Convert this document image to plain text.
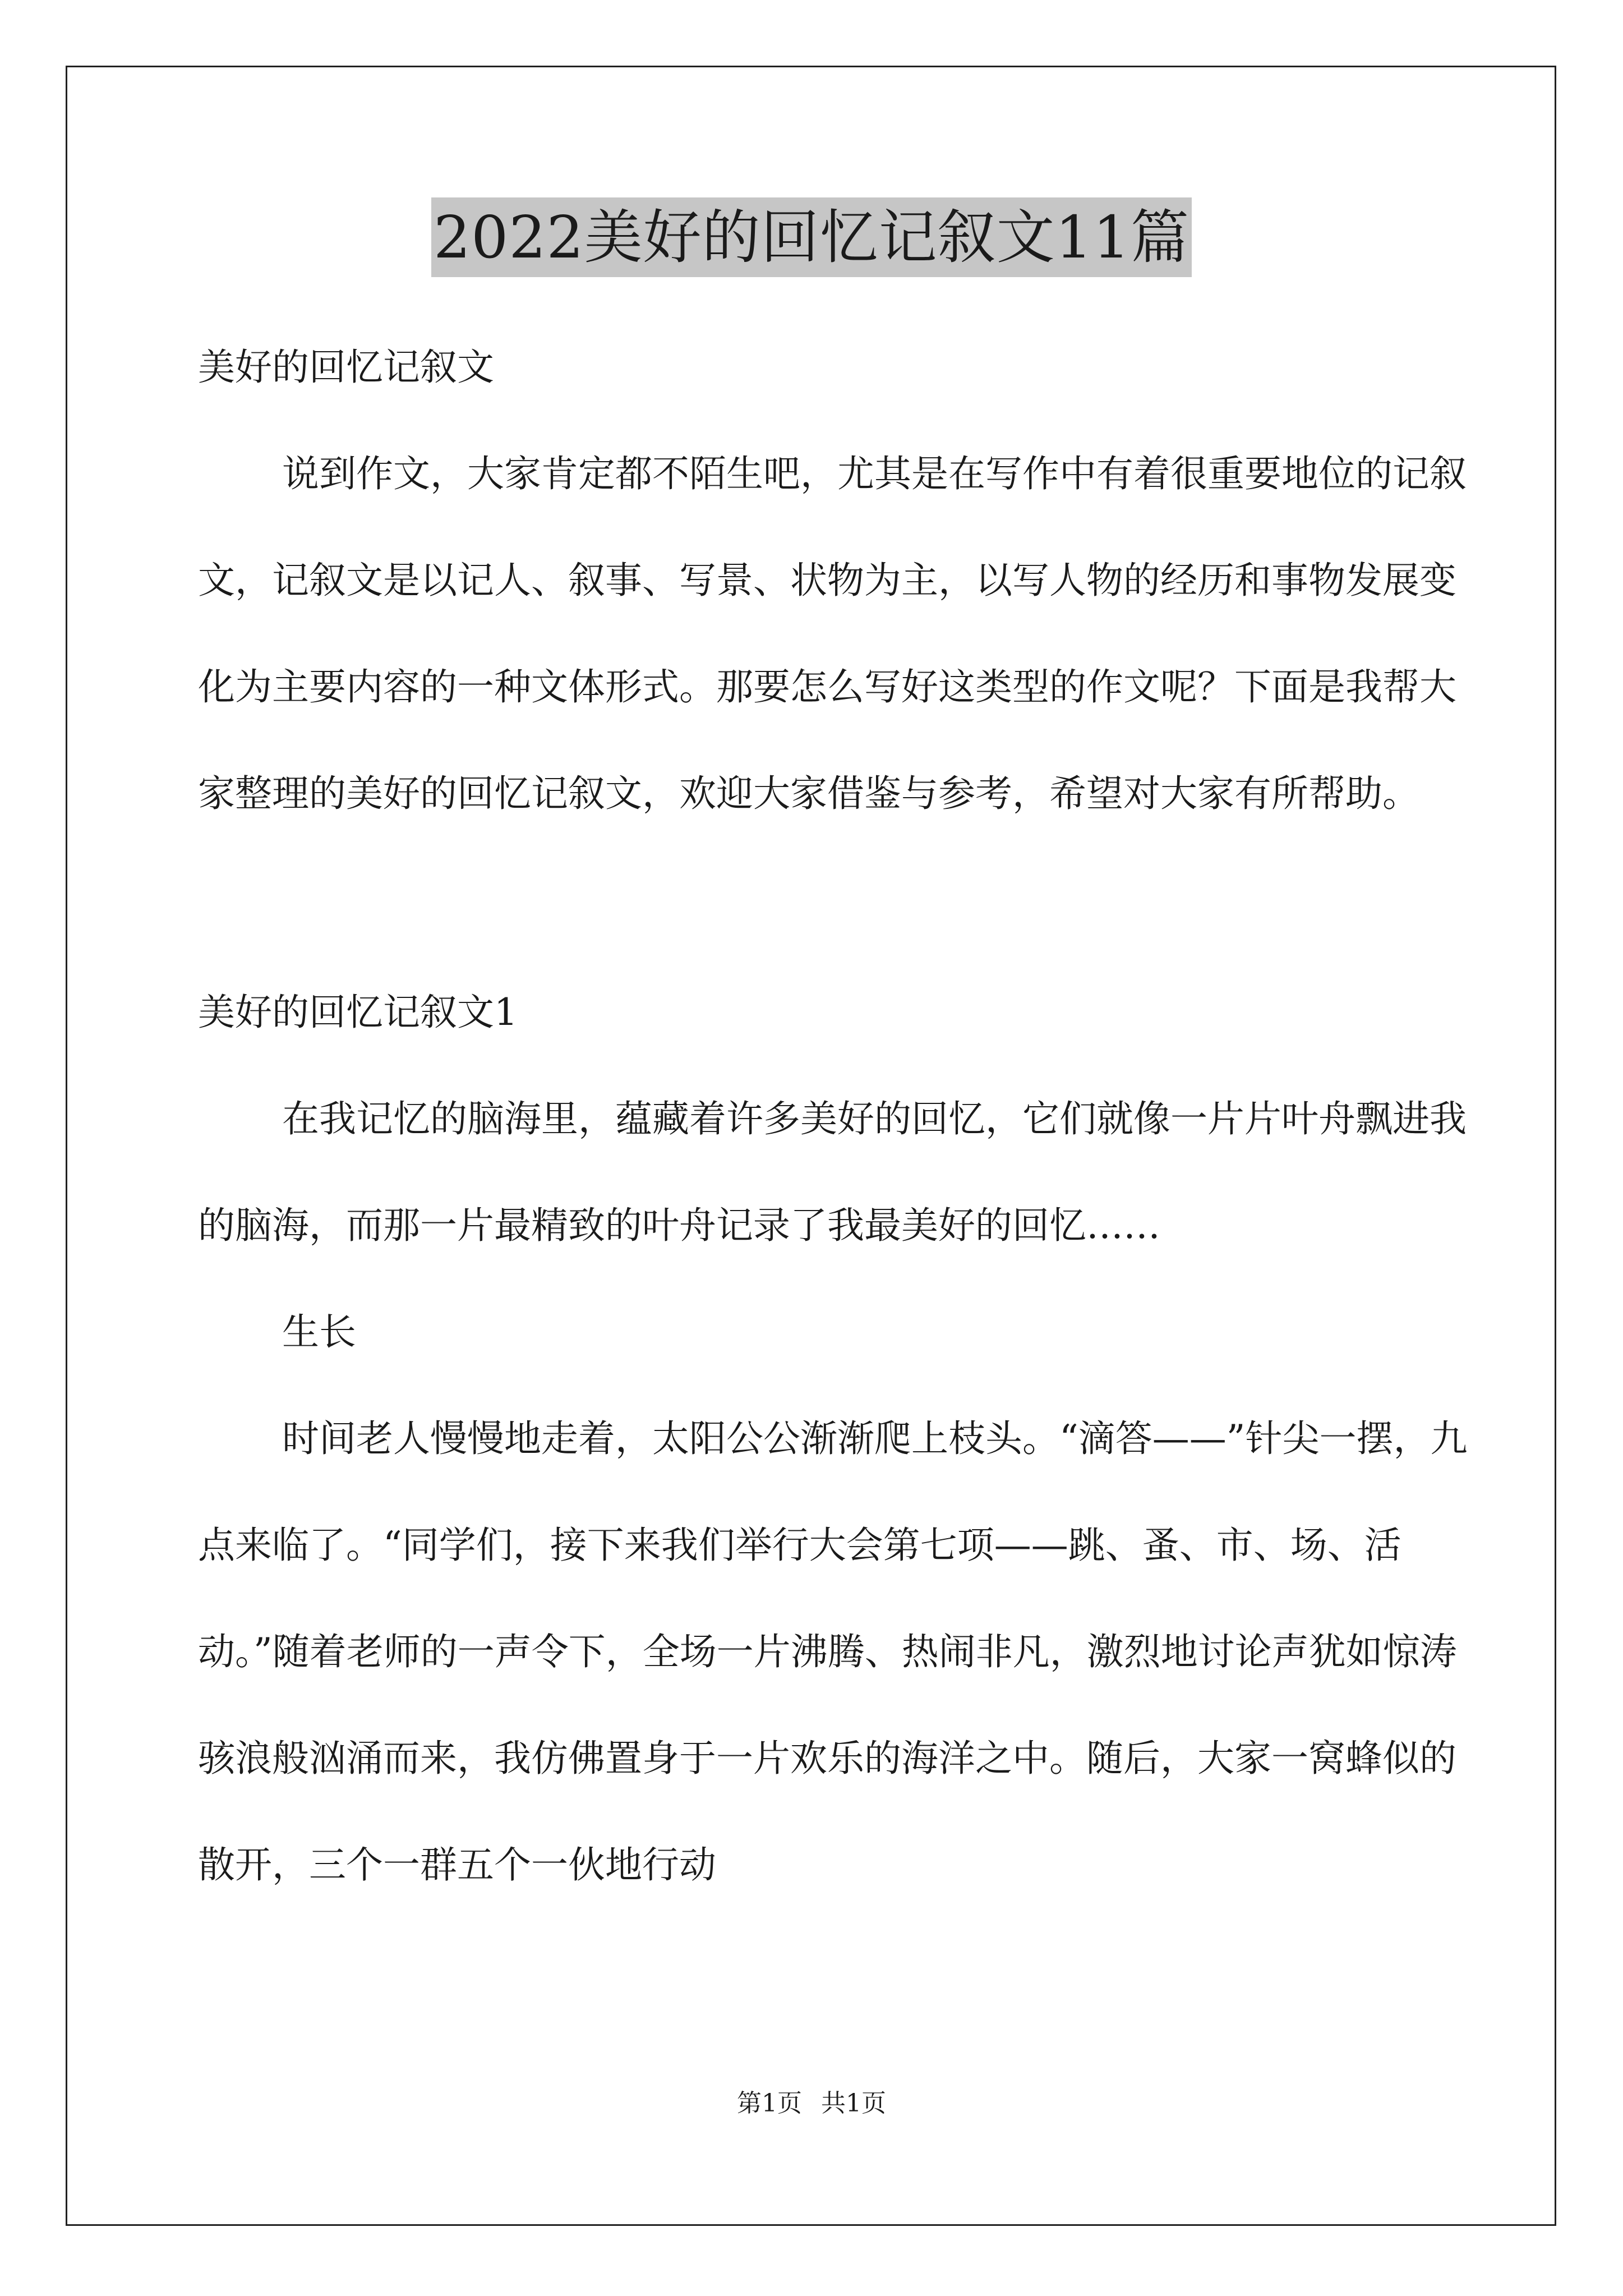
2022美好的回忆记叙文11篇

美好的回忆记叙文

说到作文，大家肯定都不陌生吧，尤其是在写作中有着很重要地位的记叙文，记叙文是以记人、叙事、写景、状物为主，以写人物的经历和事物发展变化为主要内容的一种文体形式。那要怎么写好这类型的作文呢？下面是我帮大家整理的美好的回忆记叙文，欢迎大家借鉴与参考，希望对大家有所帮助。

美好的回忆记叙文1

在我记忆的脑海里，蕴藏着许多美好的回忆，它们就像一片片叶舟飘进我的脑海，而那一片最精致的叶舟记录了我最美好的回忆……

生长

时间老人慢慢地走着，太阳公公渐渐爬上枝头。“滴答——”针尖一摆，九点来临了。“同学们，接下来我们举行大会第七项——跳、蚤、市、场、活动。”随着老师的一声令下，全场一片沸腾、热闹非凡，激烈地讨论声犹如惊涛骇浪般汹涌而来，我仿佛置身于一片欢乐的海洋之中。随后，大家一窝蜂似的散开，三个一群五个一伙地行动

第1页 共1页
